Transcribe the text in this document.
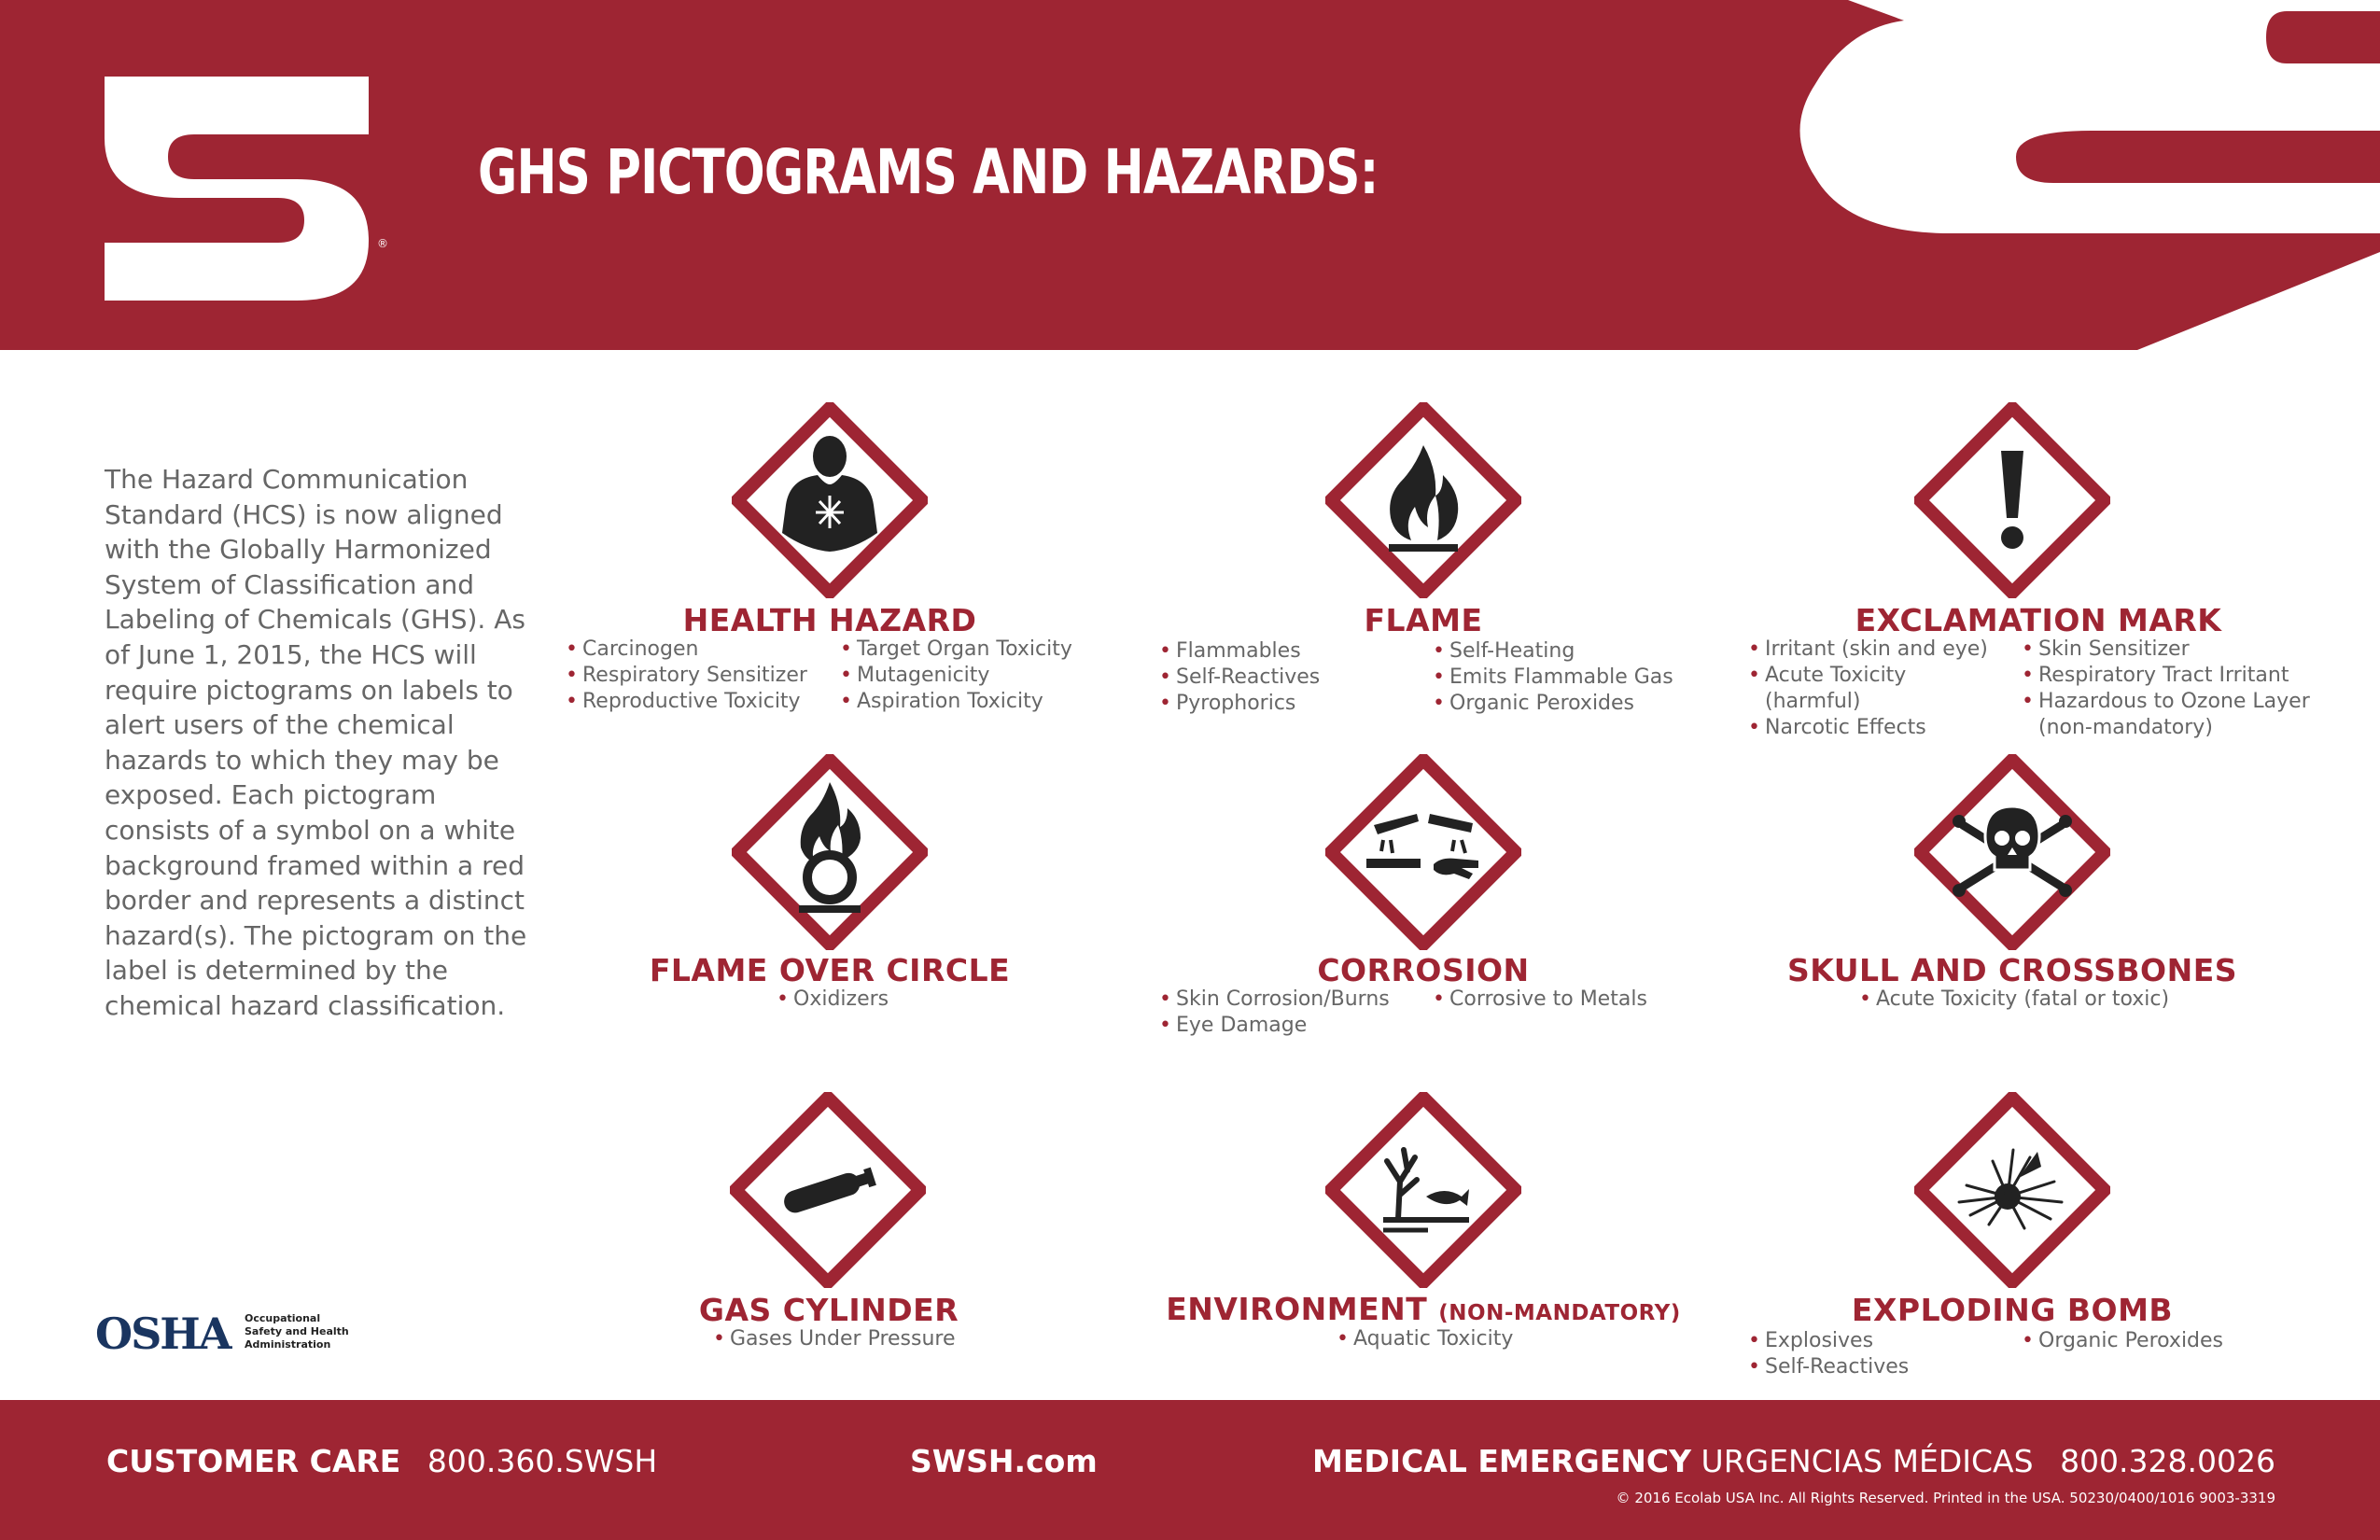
®
SWISHER
GHS PICTOGRAMS AND HAZARDS:
The Hazard Communication Standard (HCS) is now aligned with the Globally Harmonized System of Classification and Labeling of Chemicals (GHS). As of June 1, 2015, the HCS will require pictograms on labels to alert users of the chemical hazards to which they may be exposed. Each pictogram consists of a symbol on a white background framed within a red border and represents a distinct hazard(s). The pictogram on the label is determined by the chemical hazard classification.
HEALTH HAZARD
• Carcinogen
• Respiratory Sensitizer
• Reproductive Toxicity
• Target Organ Toxicity
• Mutagenicity
• Aspiration Toxicity
FLAME
• Flammables
• Self-Reactives
• Pyrophorics
• Self-Heating
• Emits Flammable Gas
• Organic Peroxides
EXCLAMATION MARK
• Irritant (skin and eye)
• Acute Toxicity
(harmful)
• Narcotic Effects
• Skin Sensitizer
• Respiratory Tract Irritant
• Hazardous to Ozone Layer
(non-mandatory)
FLAME OVER CIRCLE
• Oxidizers
CORROSION
• Skin Corrosion/Burns
• Eye Damage
• Corrosive to Metals
SKULL AND CROSSBONES
• Acute Toxicity (fatal or toxic)
GAS CYLINDER
• Gases Under Pressure
ENVIRONMENT (NON-MANDATORY)
• Aquatic Toxicity
EXPLODING BOMB
• Explosives
• Self-Reactives
• Organic Peroxides
OSHA Occupational
Safety and Health
Administration
CUSTOMER CARE 800.360.SWSH	SWSH.com	MEDICAL EMERGENCY URGENCIAS MÉDICAS 800.328.0026
© 2016 Ecolab USA Inc. All Rights Reserved. Printed in the USA. 50230/0400/1016 9003-3319
